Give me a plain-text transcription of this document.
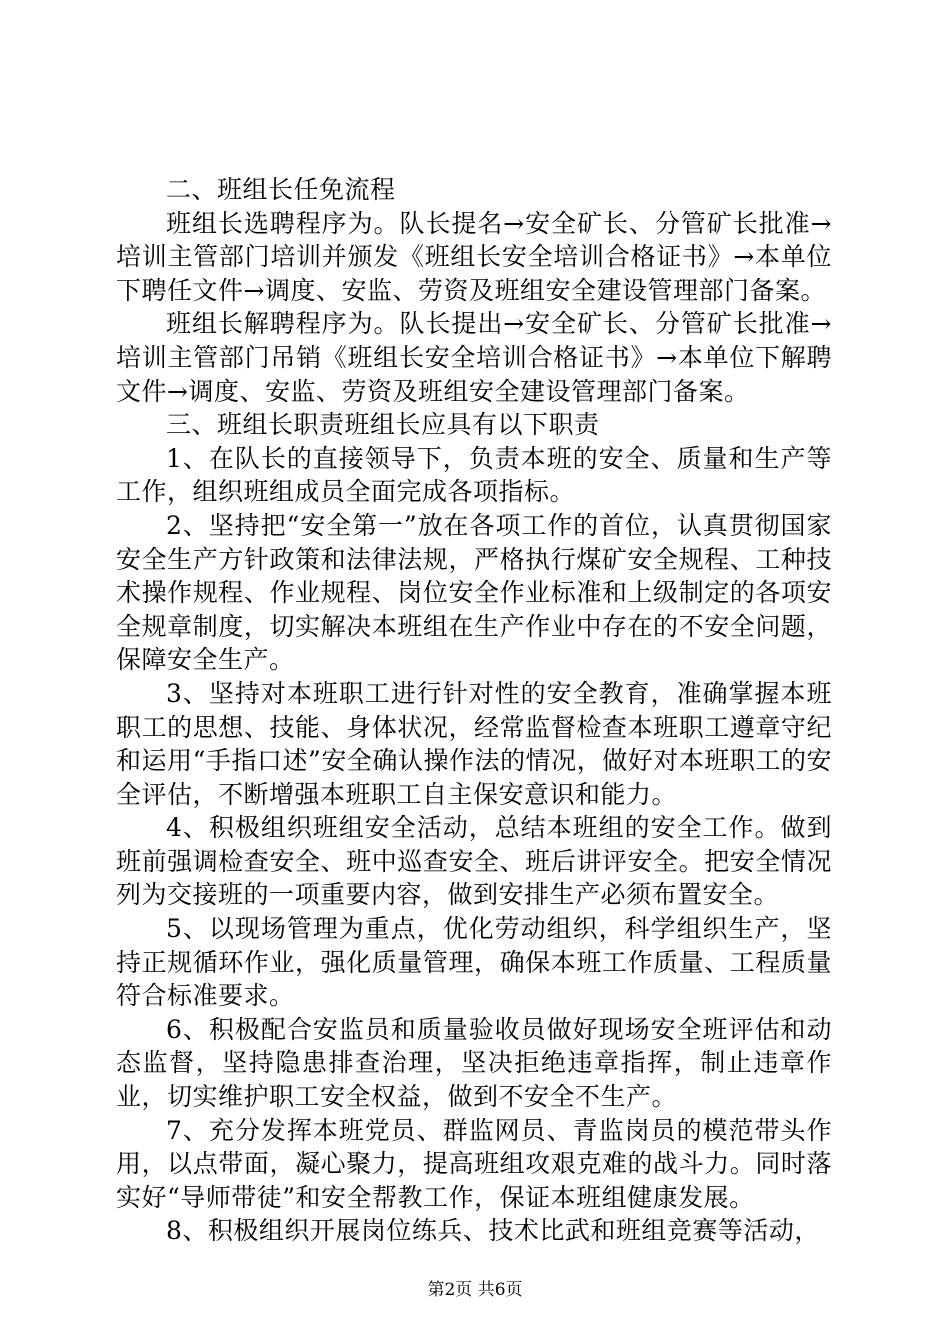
二、班组长任免流程

班组长选聘程序为。队长提名→安全矿长、分管矿长批准→培训主管部门培训并颁发《班组长安全培训合格证书》→本单位下聘任文件→调度、安监、劳资及班组安全建设管理部门备案。

班组长解聘程序为。队长提出→安全矿长、分管矿长批准→培训主管部门吊销《班组长安全培训合格证书》→本单位下解聘文件→调度、安监、劳资及班组安全建设管理部门备案。

三、班组长职责班组长应具有以下职责

1、在队长的直接领导下，负责本班的安全、质量和生产等工作，组织班组成员全面完成各项指标。

2、坚持把“安全第一”放在各项工作的首位，认真贯彻国家安全生产方针政策和法律法规，严格执行煤矿安全规程、工种技术操作规程、作业规程、岗位安全作业标准和上级制定的各项安全规章制度，切实解决本班组在生产作业中存在的不安全问题，保障安全生产。

3、坚持对本班职工进行针对性的安全教育，准确掌握本班职工的思想、技能、身体状况，经常监督检查本班职工遵章守纪和运用“手指口述”安全确认操作法的情况，做好对本班职工的安全评估，不断增强本班职工自主保安意识和能力。

4、积极组织班组安全活动，总结本班组的安全工作。做到班前强调检查安全、班中巡查安全、班后讲评安全。把安全情况列为交接班的一项重要内容，做到安排生产必须布置安全。

5、以现场管理为重点，优化劳动组织，科学组织生产，坚持正规循环作业，强化质量管理，确保本班工作质量、工程质量符合标准要求。

6、积极配合安监员和质量验收员做好现场安全班评估和动态监督，坚持隐患排查治理，坚决拒绝违章指挥，制止违章作业，切实维护职工安全权益，做到不安全不生产。

7、充分发挥本班党员、群监网员、青监岗员的模范带头作用，以点带面，凝心聚力，提高班组攻艰克难的战斗力。同时落实好“导师带徒”和安全帮教工作，保证本班组健康发展。

8、积极组织开展岗位练兵、技术比武和班组竞赛等活动，

第2页 共6页
